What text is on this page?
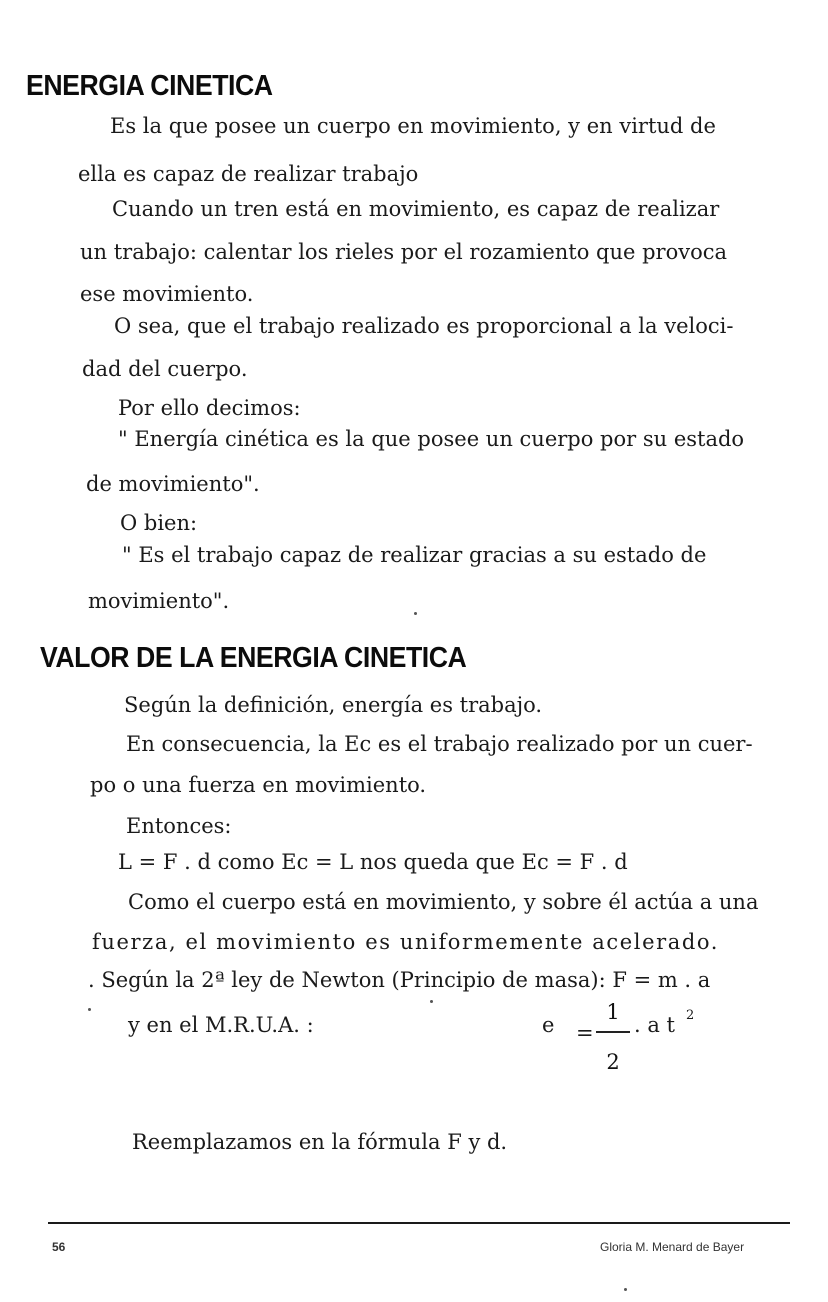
ENERGIA CINETICA

Es la que posee un cuerpo en movimiento, y en virtud de

ella es capaz de realizar trabajo

Cuando un tren está en movimiento, es capaz de realizar

un trabajo: calentar los rieles por el rozamiento que provoca

ese movimiento.

O sea, que el trabajo realizado es proporcional a la veloci-

dad del cuerpo.

Por ello decimos:

" Energía cinética es la que posee un cuerpo por su estado

de movimiento".

O bien:

" Es el trabajo capaz de realizar gracias a su estado de

movimiento".

VALOR DE LA ENERGIA CINETICA

Según la definición, energía es trabajo.

En consecuencia, la Ec es el trabajo realizado por un cuer-

po o una fuerza en movimiento.

Entonces:

L = F . d como Ec = L nos queda que Ec = F . d

Como el cuerpo está en movimiento, y sobre él actúa a una

fuerza, el movimiento es uniformemente acelerado.

. Según la 2ª ley de Newton (Principio de masa): F = m . a

y en el M.R.U.A. :	e =
1
2
. a t 2

Reemplazamos en la fórmula F y d.

56	Gloria M. Menard de Bayer
